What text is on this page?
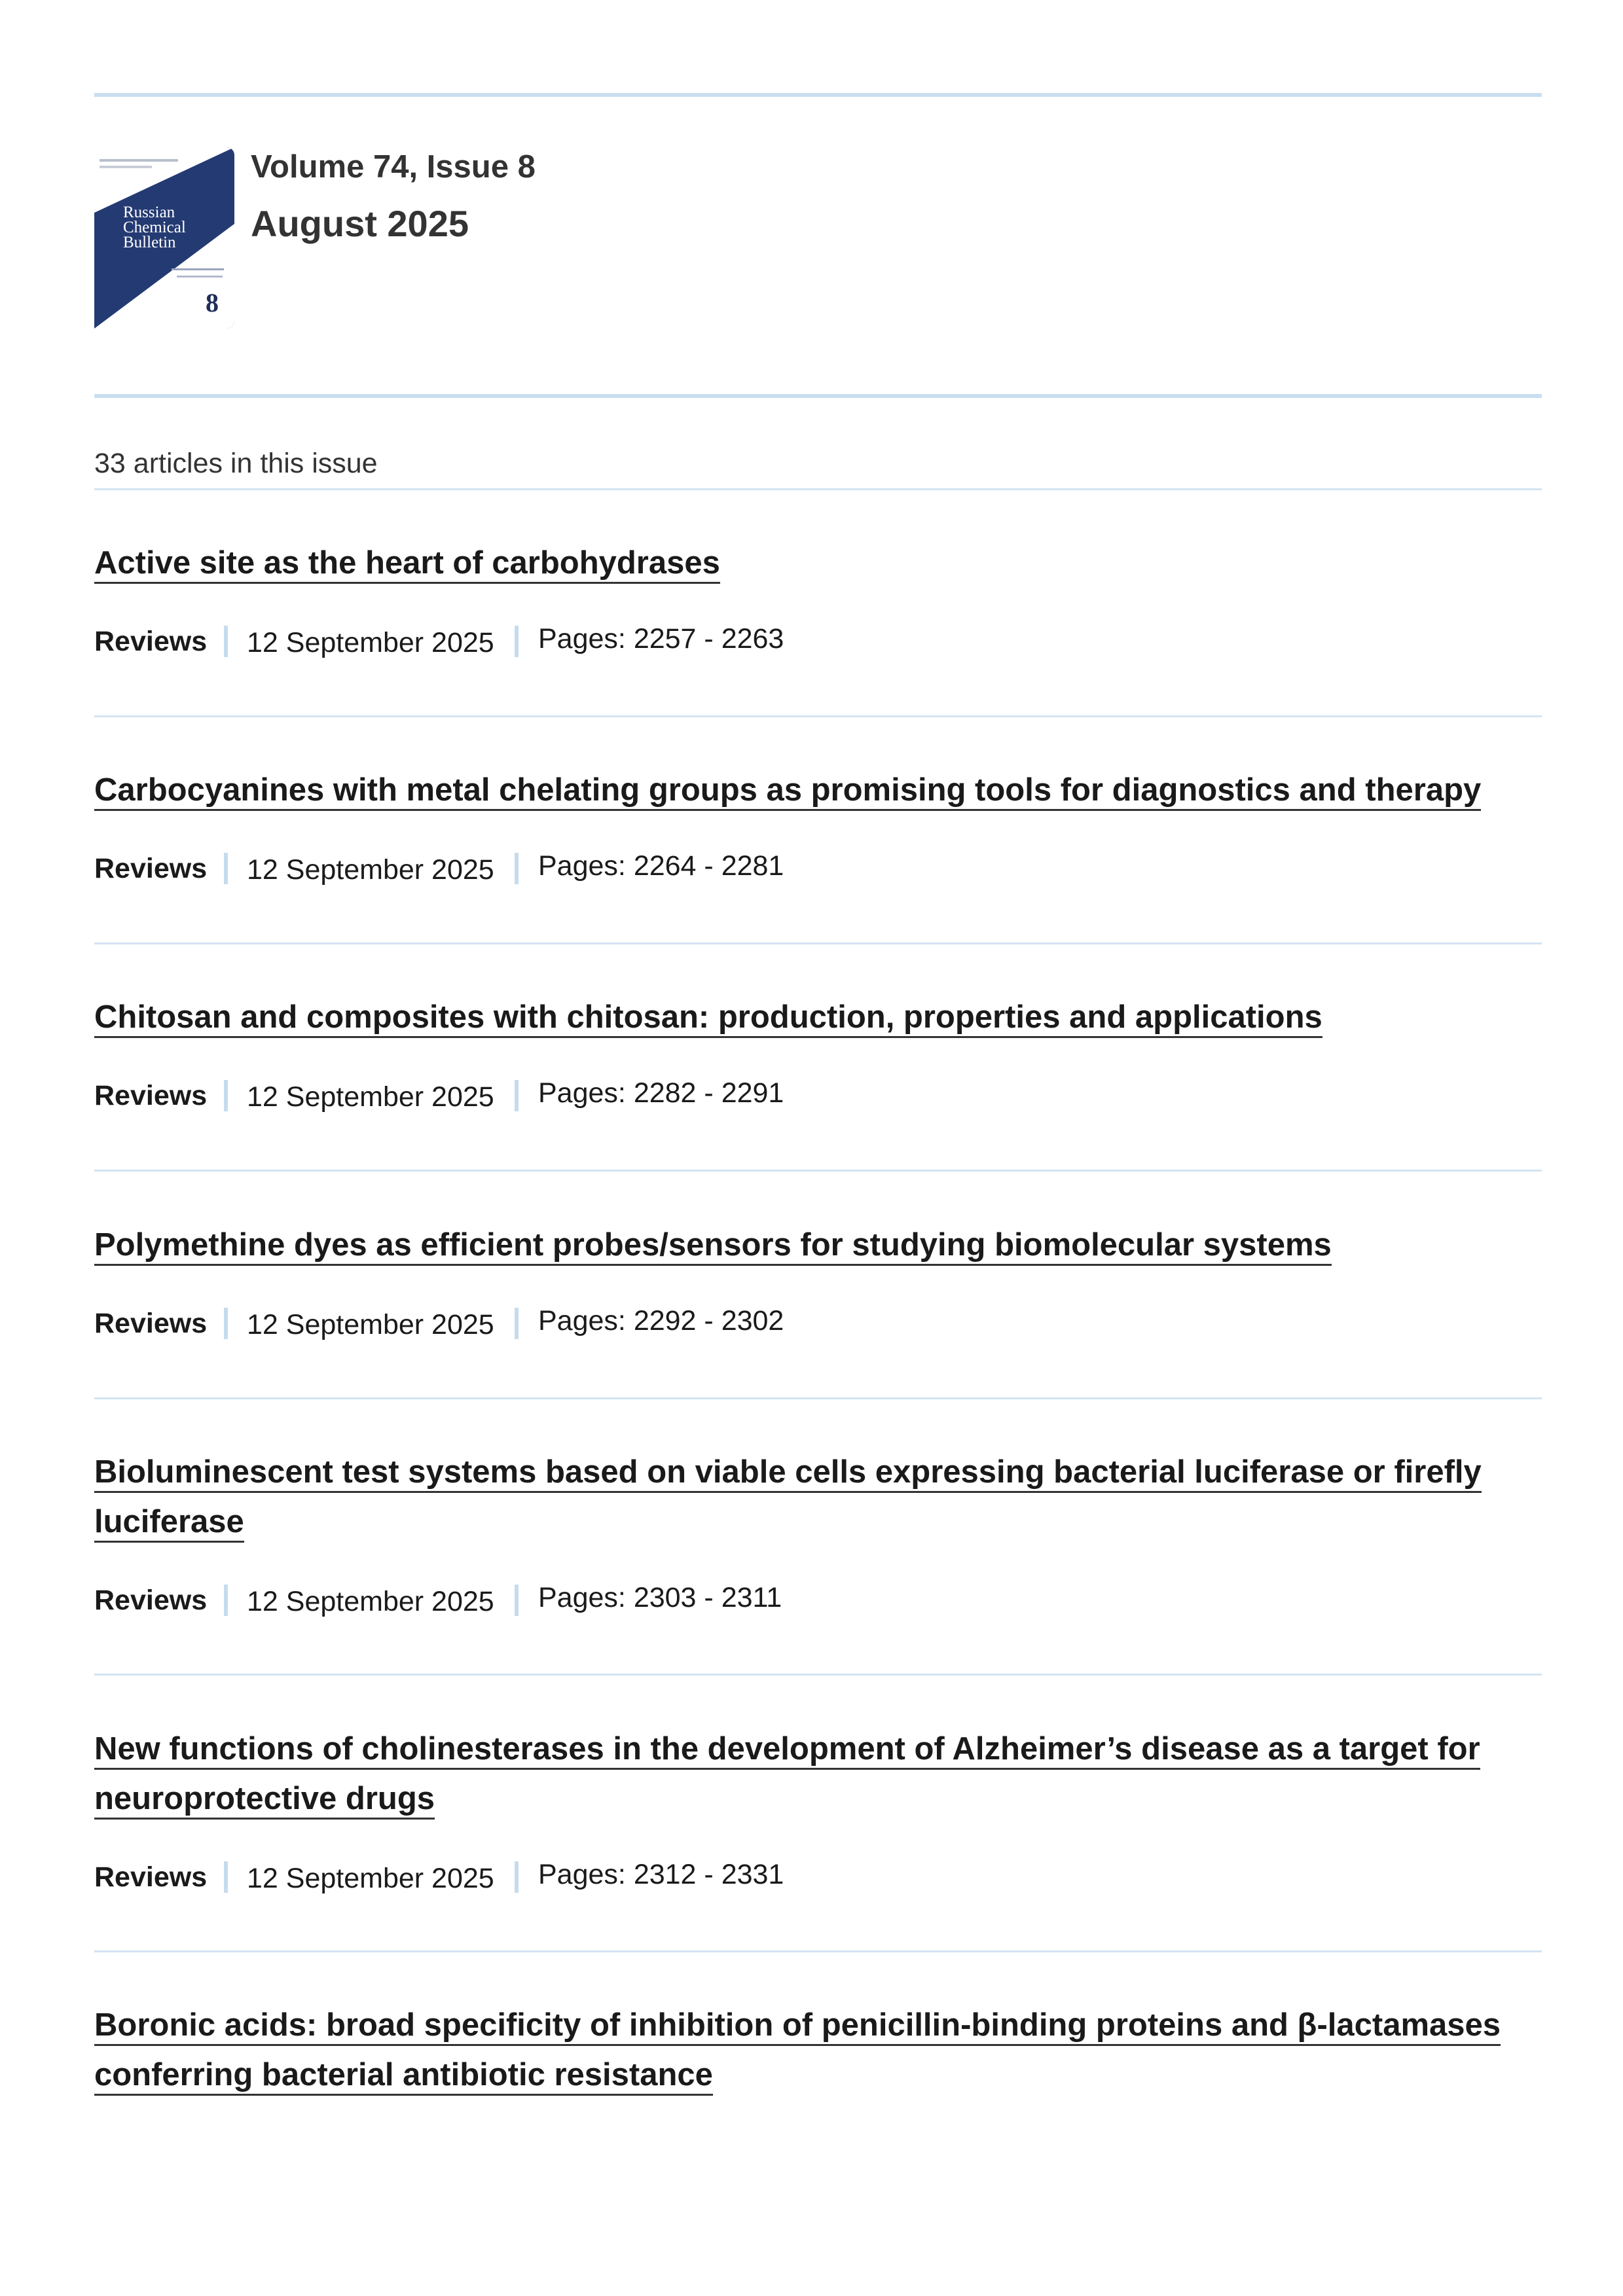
Russian Chemical Bulletin
8
Volume 74, Issue 8
August 2025
33 articles in this issue
Active site as the heart of carbohydrases
Reviews 12 September 2025 Pages: 2257 - 2263
Carbocyanines with metal chelating groups as promising tools for diagnostics and therapy
Reviews 12 September 2025 Pages: 2264 - 2281
Chitosan and composites with chitosan: production, properties and applications
Reviews 12 September 2025 Pages: 2282 - 2291
Polymethine dyes as efficient probes/sensors for studying biomolecular systems
Reviews 12 September 2025 Pages: 2292 - 2302
Bioluminescent test systems based on viable cells expressing bacterial luciferase or firefly
luciferase
Reviews 12 September 2025 Pages: 2303 - 2311
New functions of cholinesterases in the development of Alzheimer’s disease as a target for
neuroprotective drugs
Reviews 12 September 2025 Pages: 2312 - 2331
Boronic acids: broad specificity of inhibition of penicillin-binding proteins and β-lactamases
conferring bacterial antibiotic resistance
